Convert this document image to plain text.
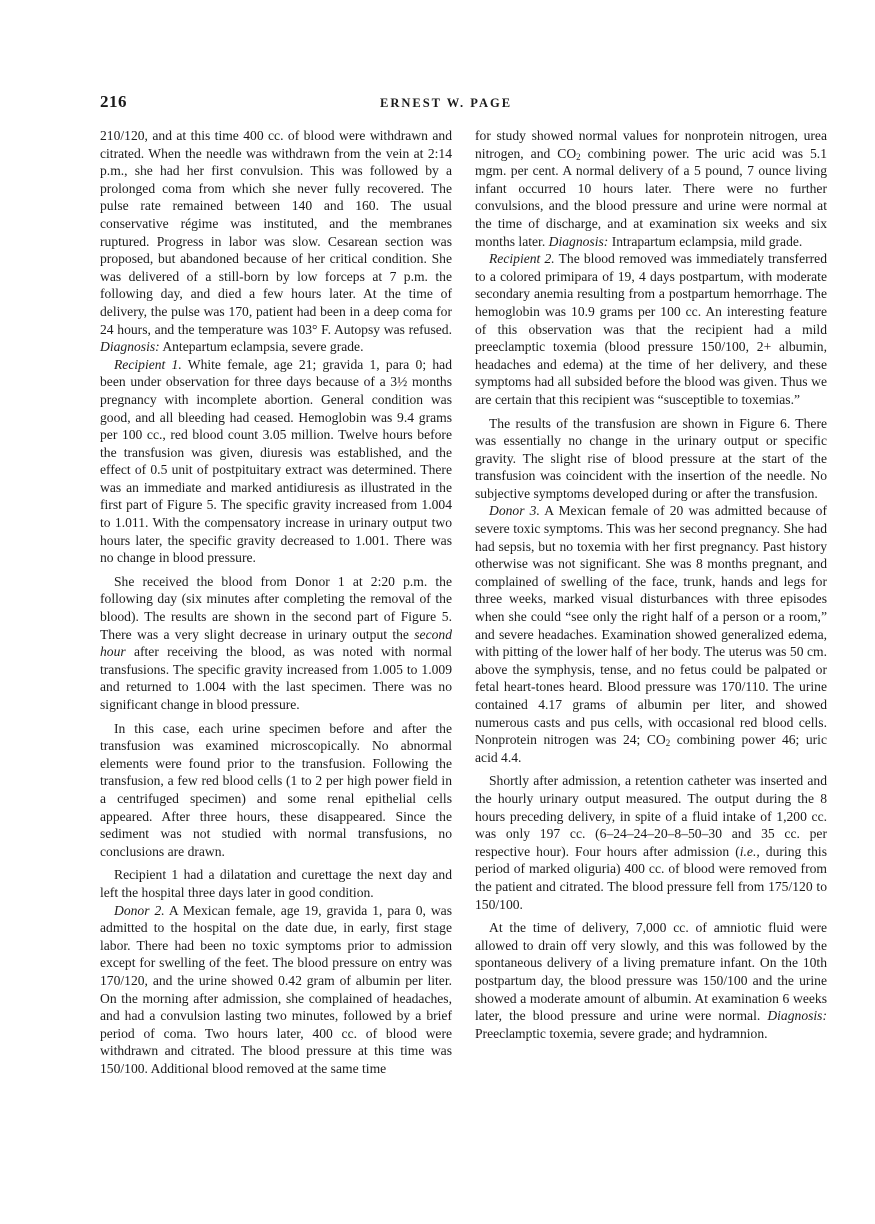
216	ERNEST W. PAGE

210/120, and at this time 400 cc. of blood were withdrawn and citrated. When the needle was withdrawn from the vein at 2:14 p.m., she had her first convulsion. This was followed by a prolonged coma from which she never fully recovered. The pulse rate remained between 140 and 160. The usual conservative régime was instituted, and the membranes ruptured. Progress in labor was slow. Cesarean section was proposed, but abandoned because of her critical condition. She was delivered of a still-born by low forceps at 7 p.m. the following day, and died a few hours later. At the time of delivery, the pulse was 170, patient had been in a deep coma for 24 hours, and the temperature was 103° F. Autopsy was refused. Diagnosis: Antepartum eclampsia, severe grade.

Recipient 1. White female, age 21; gravida 1, para 0; had been under observation for three days because of a 3½ months pregnancy with incomplete abortion. General condition was good, and all bleeding had ceased. Hemoglobin was 9.4 grams per 100 cc., red blood count 3.05 million. Twelve hours before the transfusion was given, diuresis was established, and the effect of 0.5 unit of postpituitary extract was determined. There was an immediate and marked antidiuresis as illustrated in the first part of Figure 5. The specific gravity increased from 1.004 to 1.011. With the compensatory increase in urinary output two hours later, the specific gravity decreased to 1.001. There was no change in blood pressure.

She received the blood from Donor 1 at 2:20 p.m. the following day (six minutes after completing the removal of the blood). The results are shown in the second part of Figure 5. There was a very slight decrease in urinary output the second hour after receiving the blood, as was noted with normal transfusions. The specific gravity increased from 1.005 to 1.009 and returned to 1.004 with the last specimen. There was no significant change in blood pressure.

In this case, each urine specimen before and after the transfusion was examined microscopically. No abnormal elements were found prior to the transfusion. Following the transfusion, a few red blood cells (1 to 2 per high power field in a centrifuged specimen) and some renal epithelial cells appeared. After three hours, these disappeared. Since the sediment was not studied with normal transfusions, no conclusions are drawn.

Recipient 1 had a dilatation and curettage the next day and left the hospital three days later in good condition.

Donor 2. A Mexican female, age 19, gravida 1, para 0, was admitted to the hospital on the date due, in early, first stage labor. There had been no toxic symptoms prior to admission except for swelling of the feet. The blood pressure on entry was 170/120, and the urine showed 0.42 gram of albumin per liter. On the morning after admission, she complained of headaches, and had a convulsion lasting two minutes, followed by a brief period of coma. Two hours later, 400 cc. of blood were withdrawn and citrated. The blood pressure at this time was 150/100. Additional blood removed at the same time

for study showed normal values for nonprotein nitrogen, urea nitrogen, and $CO_2$ combining power. The uric acid was 5.1 mgm. per cent. A normal delivery of a 5 pound, 7 ounce living infant occurred 10 hours later. There were no further convulsions, and the blood pressure and urine were normal at the time of discharge, and at examination six weeks and six months later. Diagnosis: Intrapartum eclampsia, mild grade.

Recipient 2. The blood removed was immediately transferred to a colored primipara of 19, 4 days postpartum, with moderate secondary anemia resulting from a postpartum hemorrhage. The hemoglobin was 10.9 grams per 100 cc. An interesting feature of this observation was that the recipient had a mild preeclamptic toxemia (blood pressure 150/100, 2+ albumin, headaches and edema) at the time of her delivery, and these symptoms had all subsided before the blood was given. Thus we are certain that this recipient was “susceptible to toxemias.”

The results of the transfusion are shown in Figure 6. There was essentially no change in the urinary output or specific gravity. The slight rise of blood pressure at the start of the transfusion was coincident with the insertion of the needle. No subjective symptoms developed during or after the transfusion.

Donor 3. A Mexican female of 20 was admitted because of severe toxic symptoms. This was her second pregnancy. She had had sepsis, but no toxemia with her first pregnancy. Past history otherwise was not significant. She was 8 months pregnant, and complained of swelling of the face, trunk, hands and legs for three weeks, marked visual disturbances with three episodes when she could “see only the right half of a person or a room,” and severe headaches. Examination showed generalized edema, with pitting of the lower half of her body. The uterus was 50 cm. above the symphysis, tense, and no fetus could be palpated or fetal heart-tones heard. Blood pressure was 170/110. The urine contained 4.17 grams of albumin per liter, and showed numerous casts and pus cells, with occasional red blood cells. Nonprotein nitrogen was 24; $CO_2$ combining power 46; uric acid 4.4.

Shortly after admission, a retention catheter was inserted and the hourly urinary output measured. The output during the 8 hours preceding delivery, in spite of a fluid intake of 1,200 cc. was only 197 cc. (6–24–24–20–8–50–30 and 35 cc. per respective hour). Four hours after admission (i.e., during this period of marked oliguria) 400 cc. of blood were removed from the patient and citrated. The blood pressure fell from 175/120 to 150/100.

At the time of delivery, 7,000 cc. of amniotic fluid were allowed to drain off very slowly, and this was followed by the spontaneous delivery of a living premature infant. On the 10th postpartum day, the blood pressure was 150/100 and the urine showed a moderate amount of albumin. At examination 6 weeks later, the blood pressure and urine were normal. Diagnosis: Preeclamptic toxemia, severe grade; and hydramnion.
